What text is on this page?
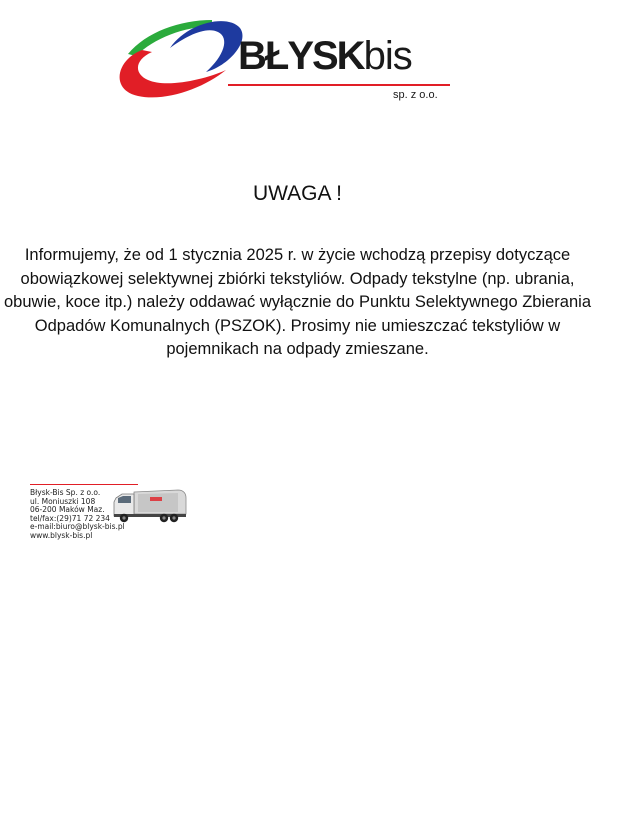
BŁYSKbis
sp. z o.o.
UWAGA !
Informujemy, że od 1 stycznia 2025 r. w życie wchodzą przepisy dotyczące obowiązkowej selektywnej zbiórki tekstyliów. Odpady tekstylne (np. ubrania, obuwie, koce itp.) należy oddawać wyłącznie do Punktu Selektywnego Zbierania Odpadów Komunalnych (PSZOK). Prosimy nie umieszczać tekstyliów w pojemnikach na odpady zmieszane.
Błysk-Bis Sp. z o.o.
ul. Moniuszki 108
06-200 Maków Maz.
tel/fax:(29)71 72 234
e-mail:biuro@blysk-bis.pl
www.blysk-bis.pl
